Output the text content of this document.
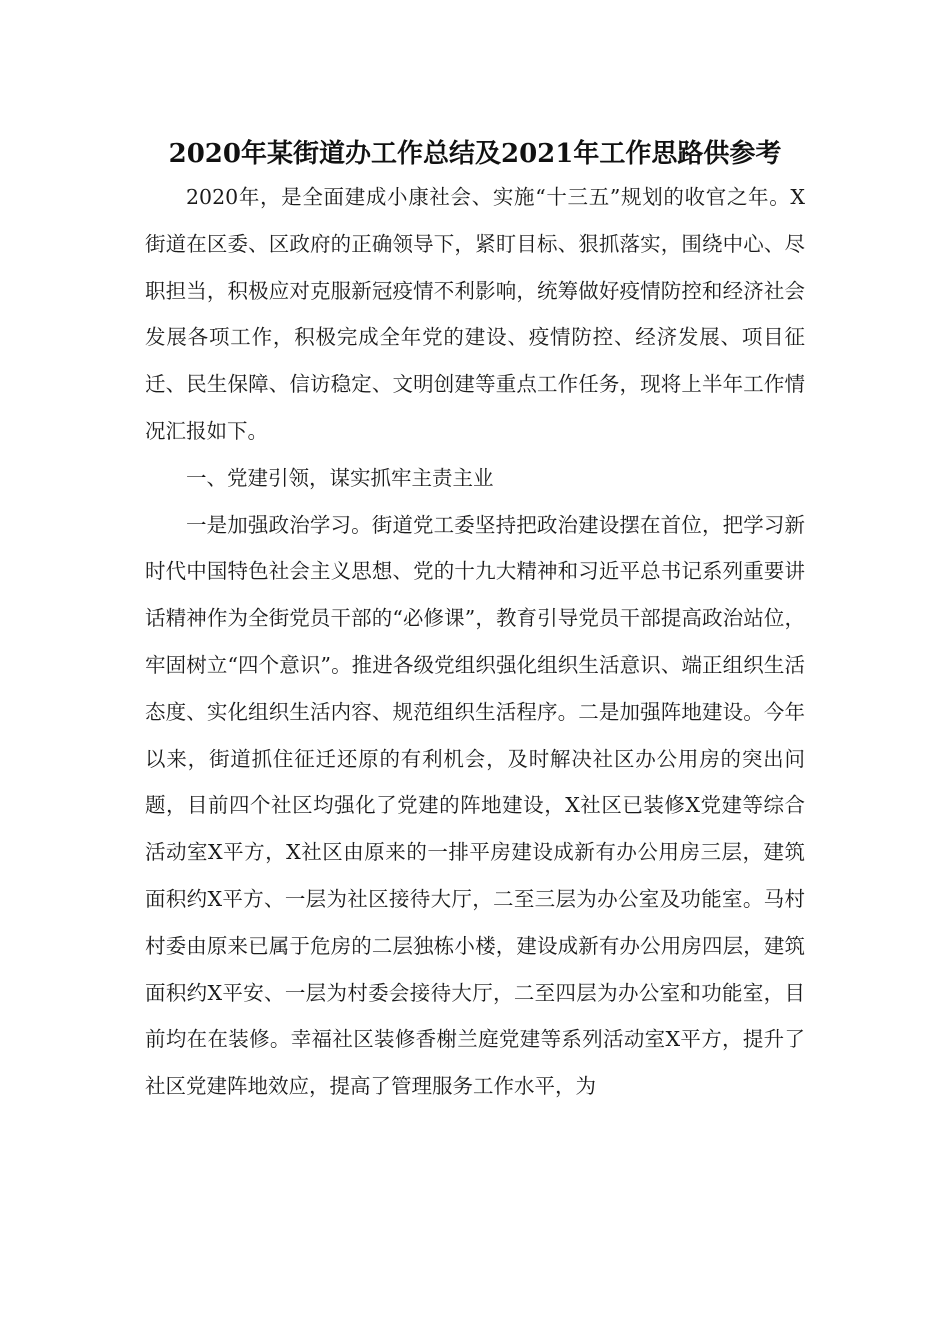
2020年某街道办工作总结及2021年工作思路供参考

2020年，是全面建成小康社会、实施“十三五”规划的收官之年。X街道在区委、区政府的正确领导下，紧盯目标、狠抓落实，围绕中心、尽职担当，积极应对克服新冠疫情不利影响，统筹做好疫情防控和经济社会发展各项工作，积极完成全年党的建设、疫情防控、经济发展、项目征迁、民生保障、信访稳定、文明创建等重点工作任务，现将上半年工作情况汇报如下。

一、党建引领，谋实抓牢主责主业

一是加强政治学习。街道党工委坚持把政治建设摆在首位，把学习新时代中国特色社会主义思想、党的十九大精神和习近平总书记系列重要讲话精神作为全街党员干部的“必修课”，教育引导党员干部提高政治站位，牢固树立“四个意识”。推进各级党组织强化组织生活意识、端正组织生活态度、实化组织生活内容、规范组织生活程序。二是加强阵地建设。今年以来，街道抓住征迁还原的有利机会，及时解决社区办公用房的突出问题，目前四个社区均强化了党建的阵地建设，X社区已装修X党建等综合活动室X平方，X社区由原来的一排平房建设成新有办公用房三层，建筑面积约X平方、一层为社区接待大厅，二至三层为办公室及功能室。马村村委由原来已属于危房的二层独栋小楼，建设成新有办公用房四层，建筑面积约X平安、一层为村委会接待大厅，二至四层为办公室和功能室，目前均在在装修。幸福社区装修香榭兰庭党建等系列活动室X平方，提升了社区党建阵地效应，提高了管理服务工作水平，为
